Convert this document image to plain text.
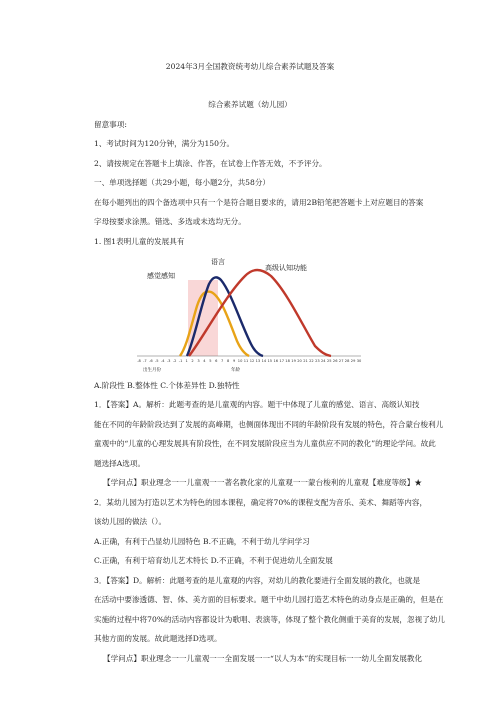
2024年3月全国教资统考幼儿综合素养试题及答案
综合素养试题（幼儿园）
留意事项:
1、考试时间为120分钟，满分为150分。
2、请按规定在答题卡上填涂、作答，在试卷上作答无效，不予评分。
一、单项选择题（共29小题，每小题2分，共58分）
在每小题列出的四个备选项中只有一个是符合题目要求的，请用2B铅笔把答题卡上对应题目的答案
字母按要求涂黑。错选、多选或未选均无分。
1. 图1表明儿童的发展具有
感觉感知
语言
高级认知功能
-8 -7 -6 -5 -4 -3 -2 -1 1 2 3 4 5 6 7 8 9 10 11 12 13 14 15 16 17 18 19 20 21 22 23 24 25 26 27 28 29 30
出生月份	年龄
A.阶段性 B.整体性 C.个体差异性 D.独特性
1．【答案】A。解析：此题考查的是儿童观的内容。题干中体现了儿童的感觉、语言、高级认知技
能在不同的年龄阶段达到了发展的高峰期，也侧面体现出不同的年龄阶段有发展的特色，符合蒙台梭利儿
童观中的“儿童的心理发展具有阶段性，在不同发展阶段应当为儿童供应不同的教化”的理论学问。故此
题选择A选项。
【学问点】职业理念一一儿童观一一著名教化家的儿童观一一蒙台梭利的儿童观【难度等级】★
2．某幼儿园为打造以艺术为特色的园本课程，确定将70%的课程支配为音乐、美术、舞蹈等内容，
该幼儿园的做法（）。
A.正确，有利于凸显幼儿园特色 B.不正确，不利于幼儿学问学习
C.正确，有利于培育幼儿艺术特长 D.不正确，不利于促进幼儿全面发展
3．【答案】D。解析：此题考查的是儿童观的内容，对幼儿的教化要进行全面发展的教化，也就是
在活动中要渗透德、智、体、美方面的目标要求。题干中幼儿园打造艺术特色的动身点是正确的，但是在
实施的过程中将70%的活动内容都设计为歌唱、表演等，体现了整个教化侧重于美育的发展，忽视了幼儿
其他方面的发展。故此题选择D选项。
【学问点】职业理念一一儿童观一一全面发展一一“以人为本”的实现目标一一幼儿全面发展教化
